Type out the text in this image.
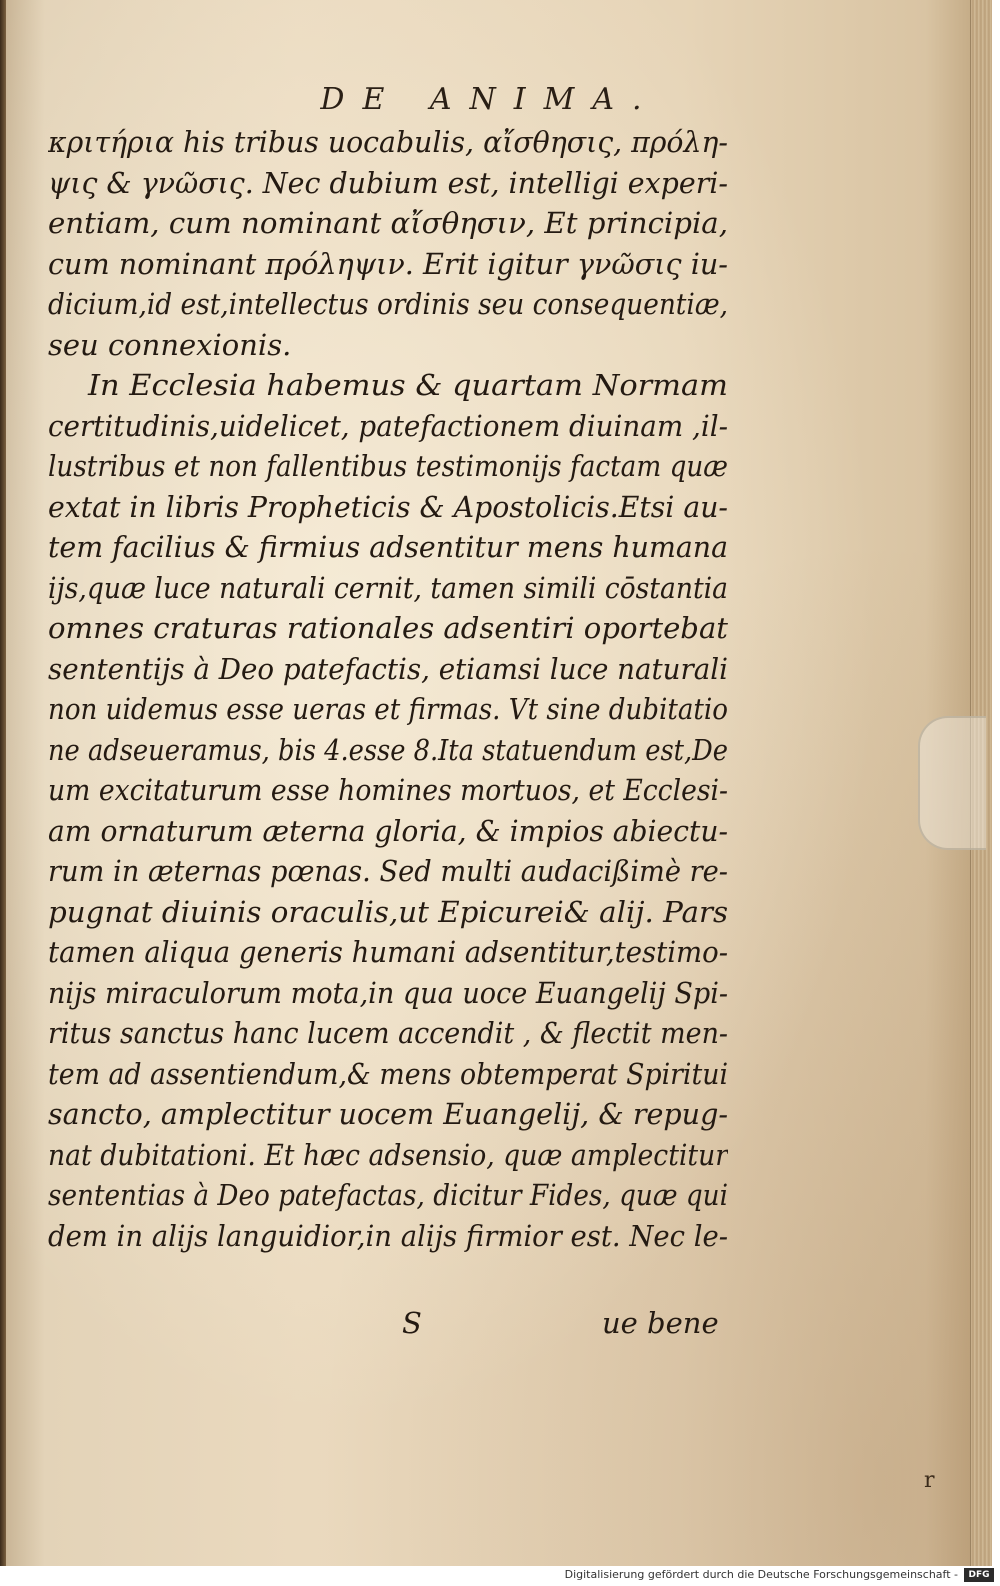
DE ANIMA.
κριτήρια his tribus uocabulis, αἴσθησις, πρόλη-
ψις & γνῶσις. Nec dubium est, intelligi experi-
entiam, cum nominant αἴσθησιν, Et principia,
cum nominant πρόληψιν. Erit igitur γνῶσις iu-
dicium,id est,intellectus ordinis seu consequentiæ,
seu connexionis.
In Ecclesia habemus & quartam Normam
certitudinis,uidelicet, patefactionem diuinam ,il-
lustribus et non fallentibus testimonijs factam quæ
extat in libris Propheticis & Apostolicis.Etsi au-
tem facilius & firmius adsentitur mens humana
ijs,quæ luce naturali cernit, tamen simili cōstantia
omnes craturas rationales adsentiri oportebat
sententijs à Deo patefactis, etiamsi luce naturali
non uidemus esse ueras et firmas. Vt sine dubitatio
ne adseueramus, bis 4.esse 8.Ita statuendum est,De
um excitaturum esse homines mortuos, et Ecclesi-
am ornaturum æterna gloria, & impios abiectu-
rum in æternas pœnas. Sed multi audacißimè re-
pugnat diuinis oraculis,ut Epicurei& alij. Pars
tamen aliqua generis humani adsentitur,testimo-
nijs miraculorum mota,in qua uoce Euangelij Spi-
ritus sanctus hanc lucem accendit , & flectit men-
tem ad assentiendum,& mens obtemperat Spiritui
sancto, amplectitur uocem Euangelij, & repug-
nat dubitationi. Et hæc adsensio, quæ amplectitur
sententias à Deo patefactas, dicitur Fides, quæ qui
dem in alijs languidior,in alijs firmior est. Nec le-
S	ue bene
r
Digitalisierung gefördert durch die Deutsche Forschungsgemeinschaft -	DFG
